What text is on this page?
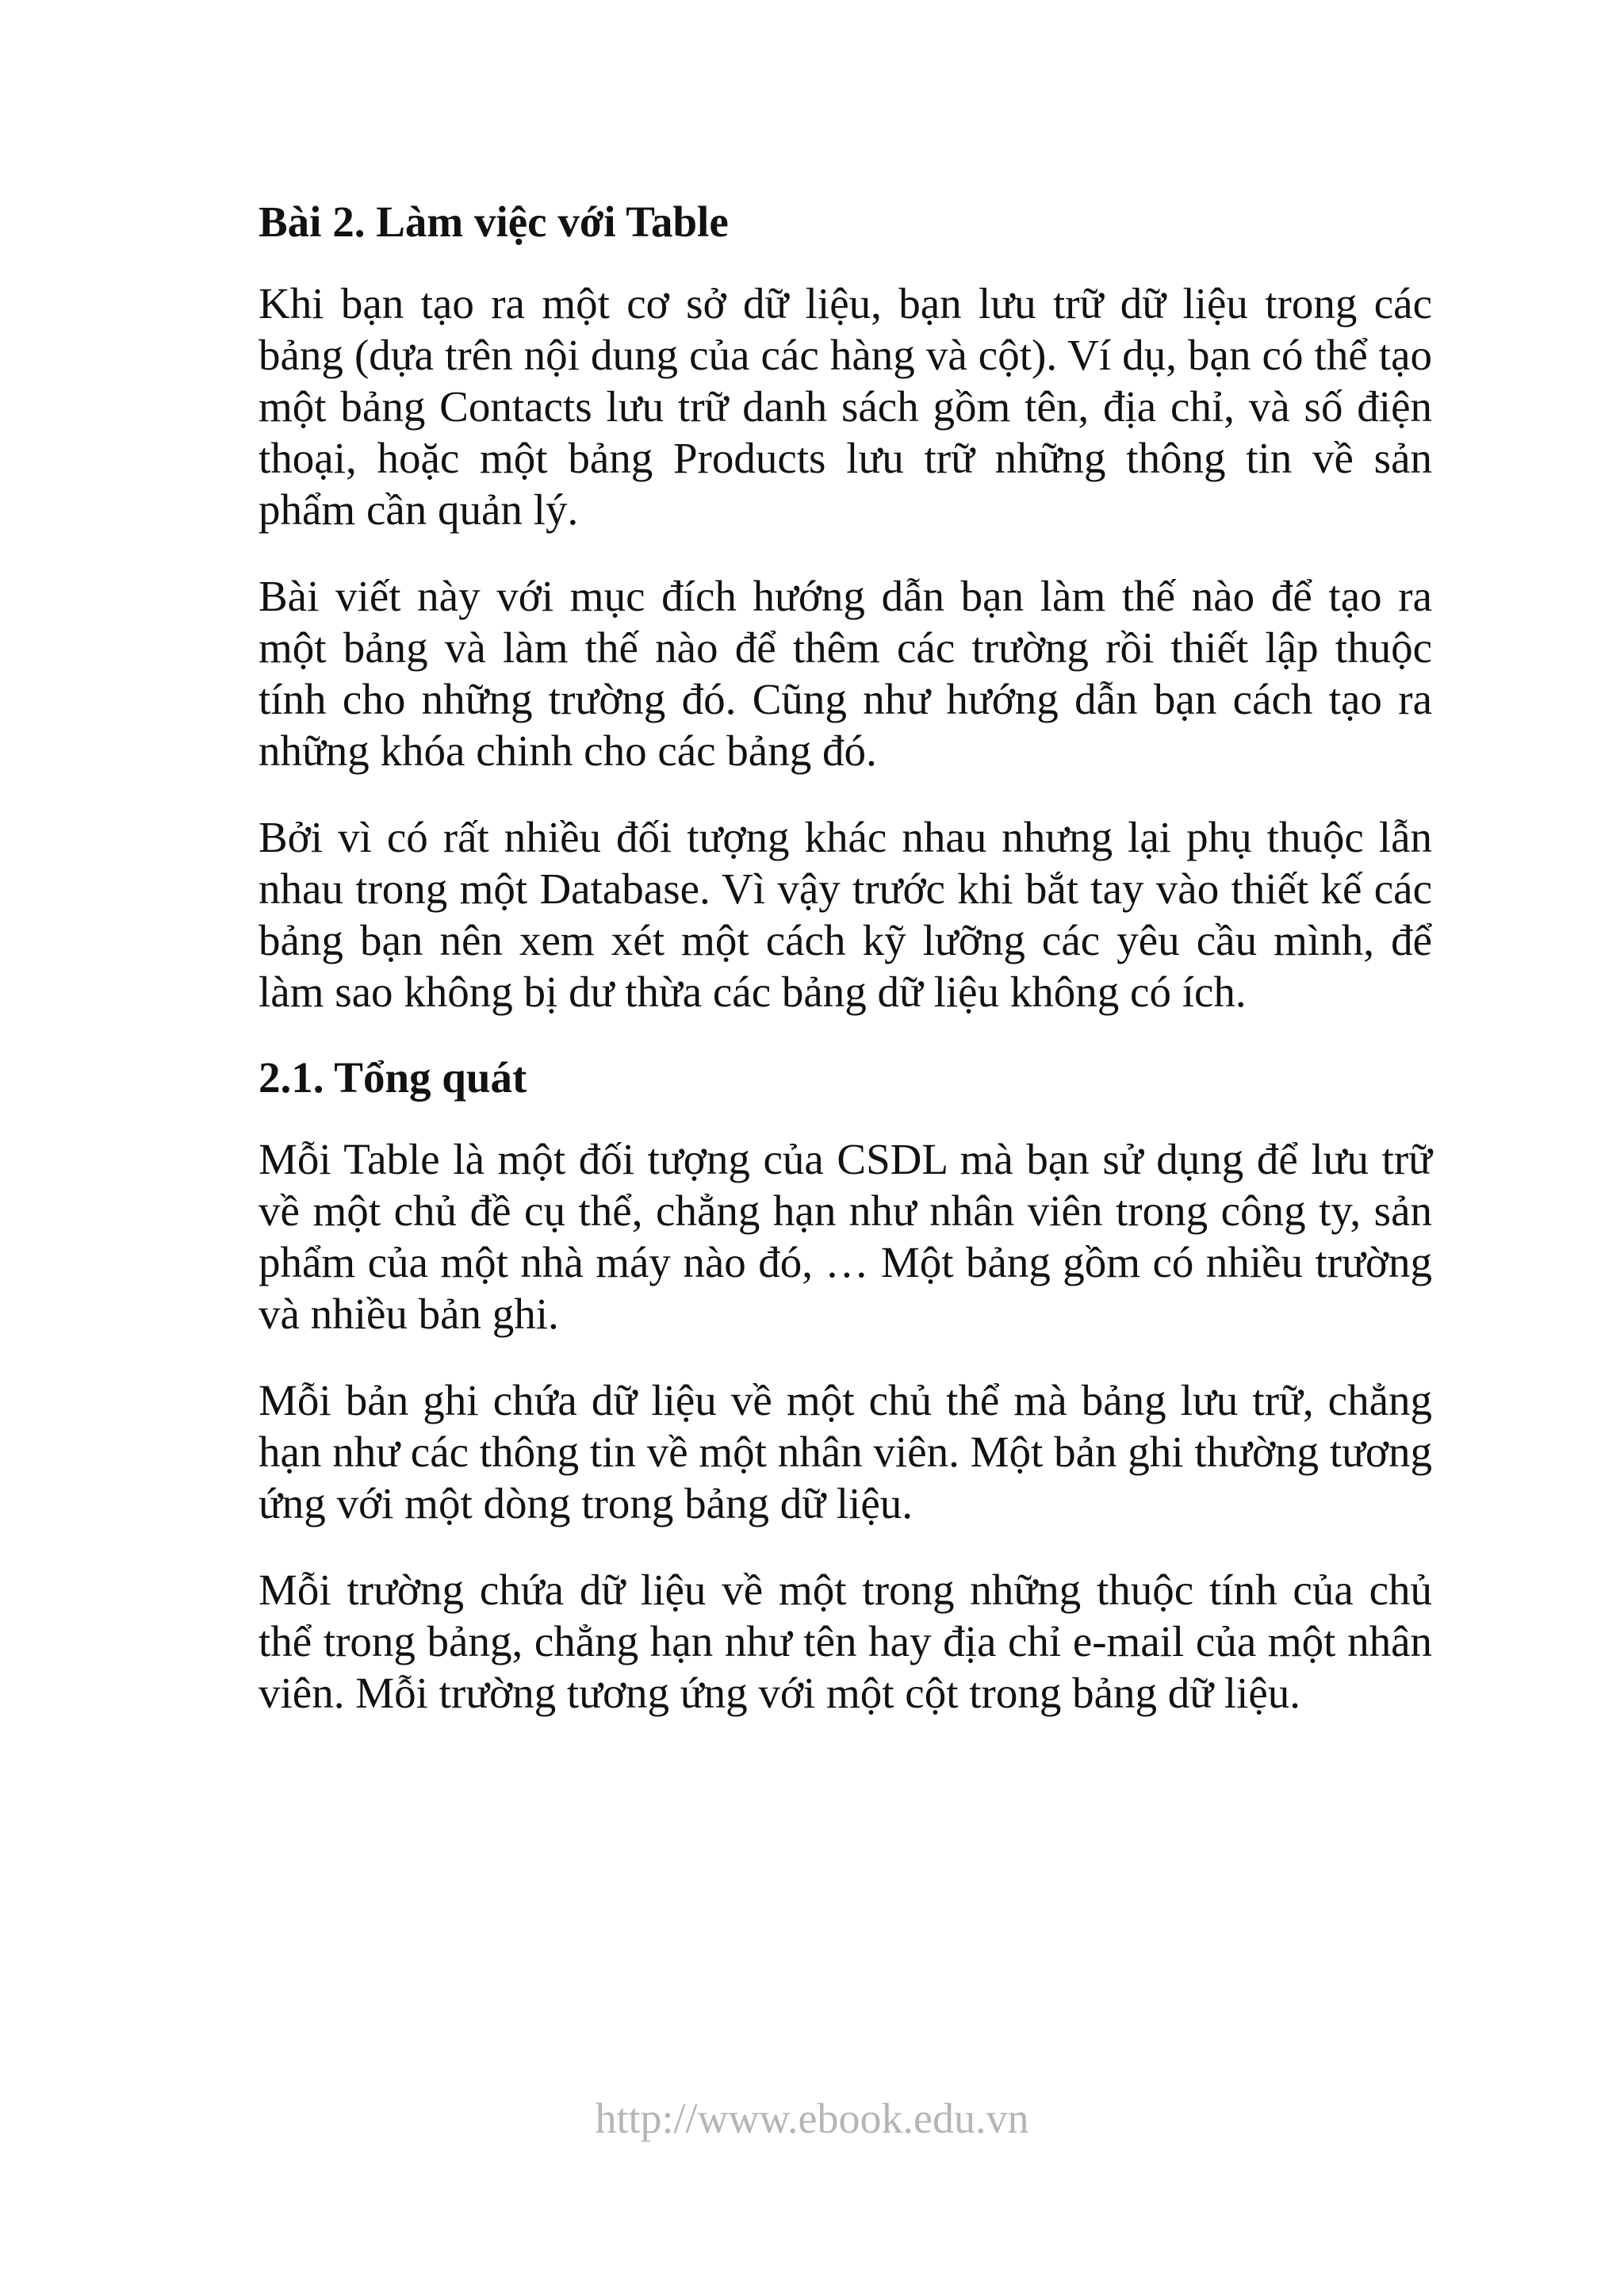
Bài 2. Làm việc với Table

Khi bạn tạo ra một cơ sở dữ liệu, bạn lưu trữ dữ liệu trong các bảng (dựa trên nội dung của các hàng và cột). Ví dụ, bạn có thể tạo một bảng Contacts lưu trữ danh sách gồm tên, địa chỉ, và số điện thoại, hoặc một bảng Products lưu trữ những thông tin về sản phẩm cần quản lý.

Bài viết này với mục đích hướng dẫn bạn làm thế nào để tạo ra một bảng và làm thế nào để thêm các trường rồi thiết lập thuộc tính cho những trường đó. Cũng như hướng dẫn bạn cách tạo ra những khóa chinh cho các bảng đó.

Bởi vì có rất nhiều đối tượng khác nhau nhưng lại phụ thuộc lẫn nhau trong một Database. Vì vậy trước khi bắt tay vào thiết kế các bảng bạn nên xem xét một cách kỹ lưỡng các yêu cầu mình, để làm sao không bị dư thừa các bảng dữ liệu không có ích.

2.1. Tổng quát

Mỗi Table là một đối tượng của CSDL mà bạn sử dụng để lưu trữ về một chủ đề cụ thể, chẳng hạn như nhân viên trong công ty, sản phẩm của một nhà máy nào đó, … Một bảng gồm có nhiều trường và nhiều bản ghi.

Mỗi bản ghi chứa dữ liệu về một chủ thể mà bảng lưu trữ, chẳng hạn như các thông tin về một nhân viên. Một bản ghi thường tương ứng với một dòng trong bảng dữ liệu.

Mỗi trường chứa dữ liệu về một trong những thuộc tính của chủ thể trong bảng, chẳng hạn như tên hay địa chỉ e-mail của một nhân viên. Mỗi trường tương ứng với một cột trong bảng dữ liệu.

http://www.ebook.edu.vn
